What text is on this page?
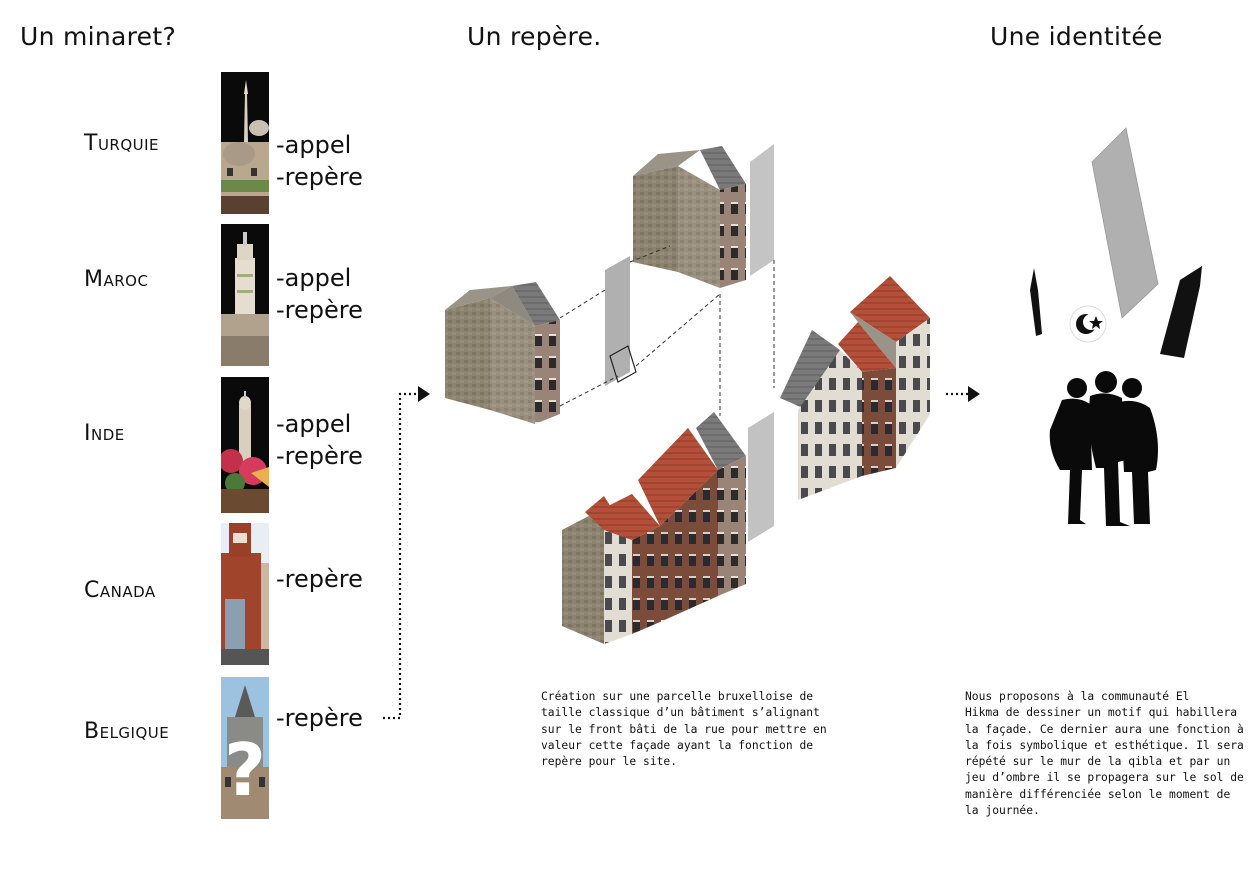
Un minaret?	Un repère.	Une identitée
Turquie
Maroc
Inde
Canada
Belgique ?
-appel
-repère
-appel
-repère
-appel
-repère
-repère
-repère
Création sur une parcelle bruxelloise de
taille classique d’un bâtiment s’alignant
sur le front bâti de la rue pour mettre en
valeur cette façade ayant la fonction de
repère pour le site.
Nous proposons à la communauté El
Hikma de dessiner un motif qui habillera
la façade. Ce dernier aura une fonction à
la fois symbolique et esthétique. Il sera
répété sur le mur de la qibla et par un
jeu d’ombre il se propagera sur le sol de
manière différenciée selon le moment de
la journée.
